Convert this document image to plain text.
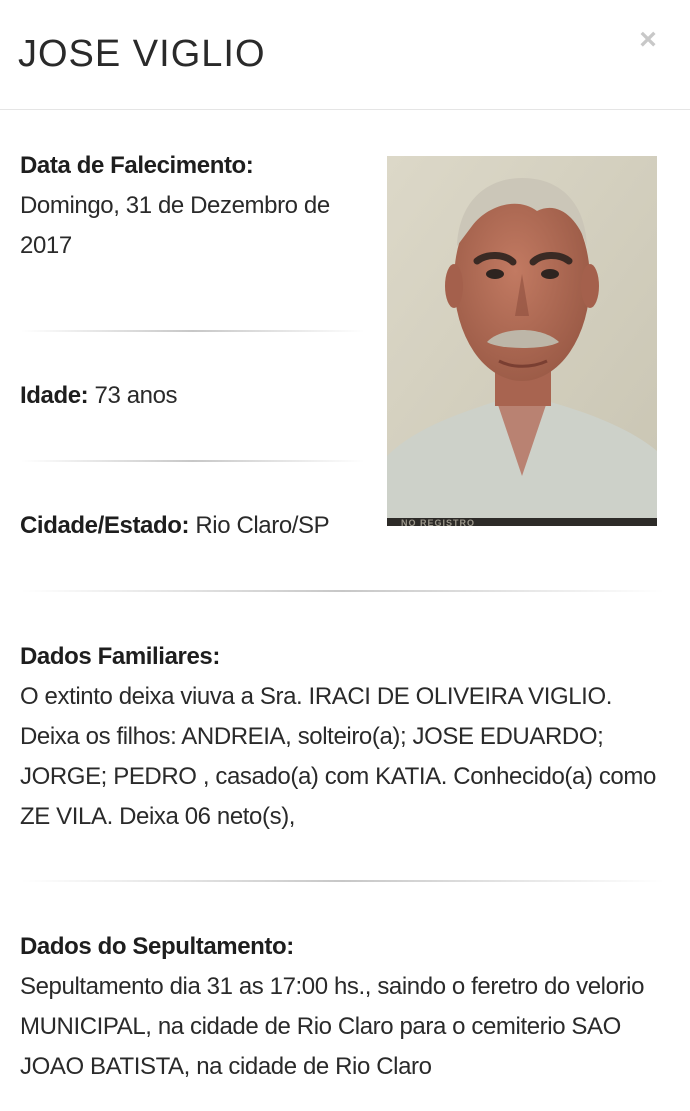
JOSE VIGLIO	×
Data de Falecimento:
Domingo, 31 de Dezembro de 2017
Idade: 73 anos
Cidade/Estado: Rio Claro/SP	NO REGISTRO
Dados Familiares:
O extinto deixa viuva a Sra. IRACI DE OLIVEIRA VIGLIO. Deixa os filhos: ANDREIA, solteiro(a); JOSE EDUARDO; JORGE; PEDRO , casado(a) com KATIA. Conhecido(a) como ZE VILA. Deixa 06 neto(s),
Dados do Sepultamento:
Sepultamento dia 31 as 17:00 hs., saindo o feretro do velorio MUNICIPAL, na cidade de Rio Claro para o cemiterio SAO JOAO BATISTA, na cidade de Rio Claro
